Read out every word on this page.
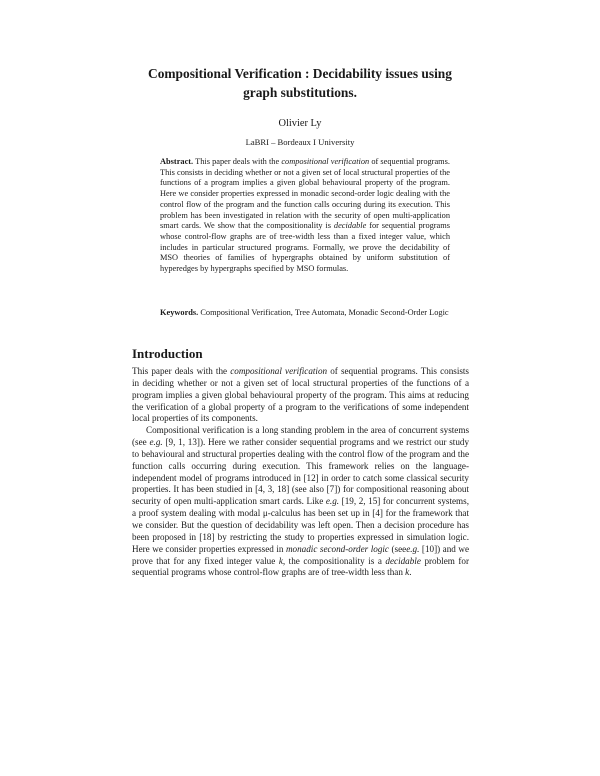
Compositional Verification : Decidability issues using
graph substitutions.
Olivier Ly
LaBRI – Bordeaux I University

Abstract. This paper deals with the compositional verification of sequential programs. This consists in deciding whether or not a given set of local structural properties of the functions of a program implies a given global behavioural property of the program. Here we consider properties expressed in monadic second-order logic dealing with the control flow of the program and the function calls occuring during its execution. This problem has been investigated in relation with the security of open multi-application smart cards. We show that the compositionality is decidable for sequential programs whose control-flow graphs are of tree-width less than a fixed integer value, which includes in particular structured programs. Formally, we prove the decidability of MSO theories of families of hypergraphs obtained by uniform substitution of hyperedges by hypergraphs specified by MSO formulas.

Keywords. Compositional Verification, Tree Automata, Monadic Second-Order Logic

Introduction

This paper deals with the compositional verification of sequential programs. This consists in deciding whether or not a given set of local structural properties of the functions of a program implies a given global behavioural property of the program. This aims at reducing the verification of a global property of a program to the verifications of some independent local properties of its components.

Compositional verification is a long standing problem in the area of concurrent systems (see e.g. [9, 1, 13]). Here we rather consider sequential programs and we restrict our study to behavioural and structural properties dealing with the control flow of the program and the function calls occurring during execution. This framework relies on the language-independent model of programs introduced in [12] in order to catch some classical security properties. It has been studied in [4, 3, 18] (see also [7]) for compositional reasoning about security of open multi-application smart cards. Like e.g. [19, 2, 15] for concurrent systems, a proof system dealing with modal μ-calculus has been set up in [4] for the framework that we consider. But the question of decidability was left open. Then a decision procedure has been proposed in [18] by restricting the study to properties expressed in simulation logic. Here we consider properties expressed in monadic second-order logic (seee.g. [10]) and we prove that for any fixed integer value k, the compositionality is a decidable problem for sequential programs whose control-flow graphs are of tree-width less than k.
